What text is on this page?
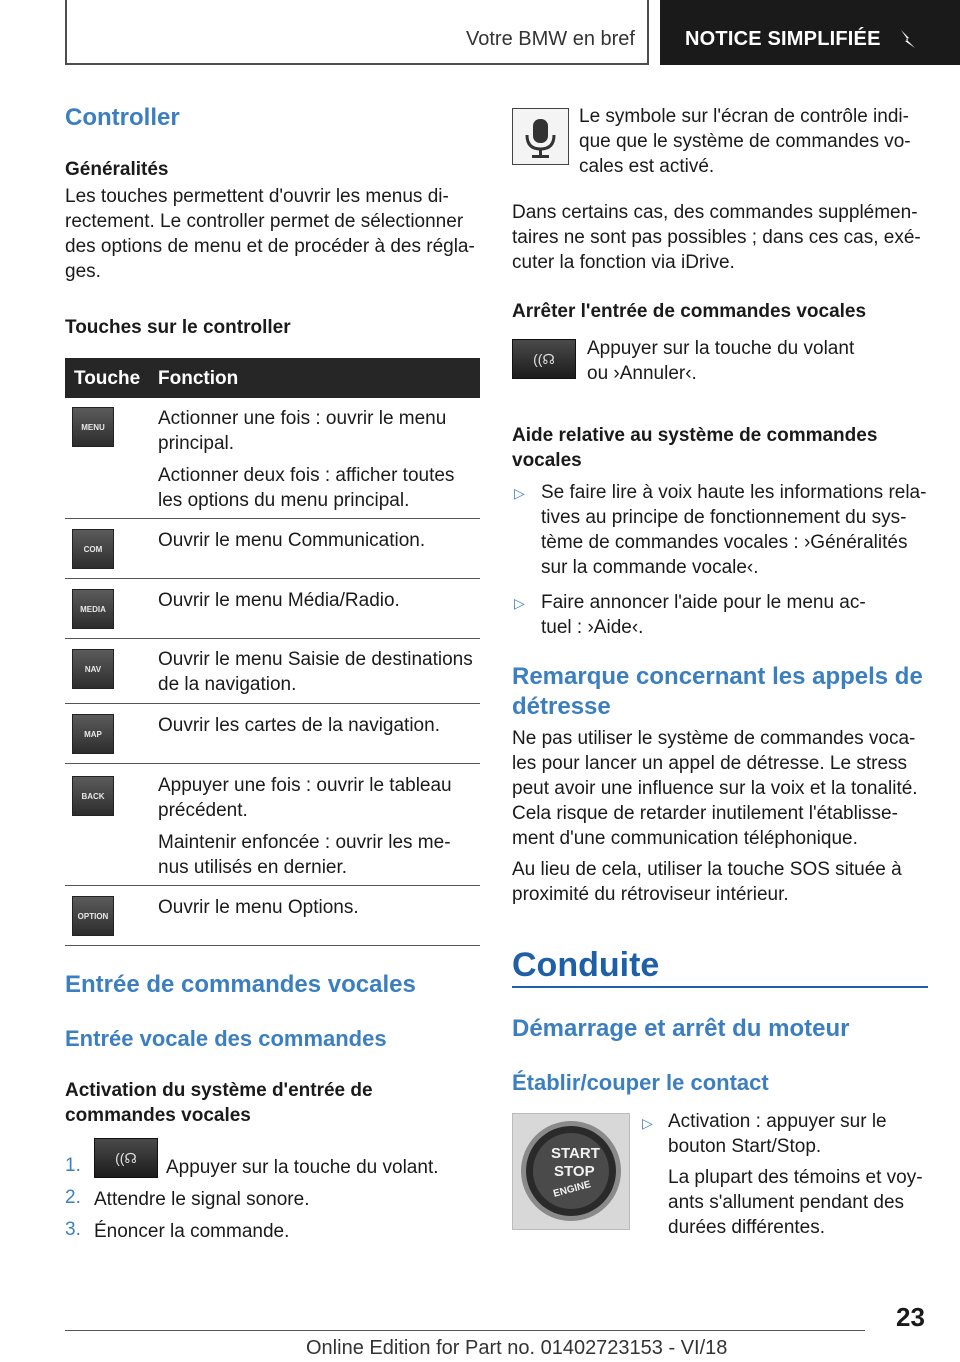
Votre BMW en bref	NOTICE SIMPLIFIÉE
Controller
Généralités

Les touches permettent d'ouvrir les menus di-

rectement. Le controller permet de sélectionner

des options de menu et de procéder à des régla-

ges.

Touches sur le controller
Touche Fonction
MENU	Actionner une fois : ouvrir le menu

principal.

Actionner deux fois : afficher toutes

les options du menu principal.

COM	Ouvrir le menu Communication.
MEDIA	Ouvrir le menu Média/Radio.
NAV	Ouvrir le menu Saisie de destinations

de la navigation.

MAP	Ouvrir les cartes de la navigation.
BACK	Appuyer une fois : ouvrir le tableau

précédent.

Maintenir enfoncée : ouvrir les me-

nus utilisés en dernier.

OPTION	Ouvrir le menu Options.
Entrée de commandes vocales
Entrée vocale des commandes

Activation du système d'entrée de

commandes vocales

1.	((☊	Appuyer sur la touche du volant.
2. Attendre le signal sonore.
3. Énoncer la commande.

Le symbole sur l'écran de contrôle indi-

que que le système de commandes vo-

cales est activé.

Dans certains cas, des commandes supplémen-

taires ne sont pas possibles ; dans ces cas, exé-

cuter la fonction via iDrive.

Arrêter l'entrée de commandes vocales
((☊	Appuyer sur la touche du volant

ou ›Annuler‹.

Aide relative au système de commandes

vocales

▷ Se faire lire à voix haute les informations rela-

tives au principe de fonctionnement du sys-

tème de commandes vocales : ›Généralités

sur la commande vocale‹.

▷ Faire annoncer l'aide pour le menu ac-

tuel : ›Aide‹.

Remarque concernant les appels de

détresse

Ne pas utiliser le système de commandes voca-

les pour lancer un appel de détresse. Le stress

peut avoir une influence sur la voix et la tonalité.

Cela risque de retarder inutilement l'établisse-

ment d'une communication téléphonique.

Au lieu de cela, utiliser la touche SOS située à

proximité du rétroviseur intérieur.

Conduite
Démarrage et arrêt du moteur
Établir/couper le contact
START
STOP
ENGINE
▷ Activation : appuyer sur le

bouton Start/Stop.

La plupart des témoins et voy-

ants s'allument pendant des

durées différentes.

23
Online Edition for Part no. 01402723153 - VI/18
